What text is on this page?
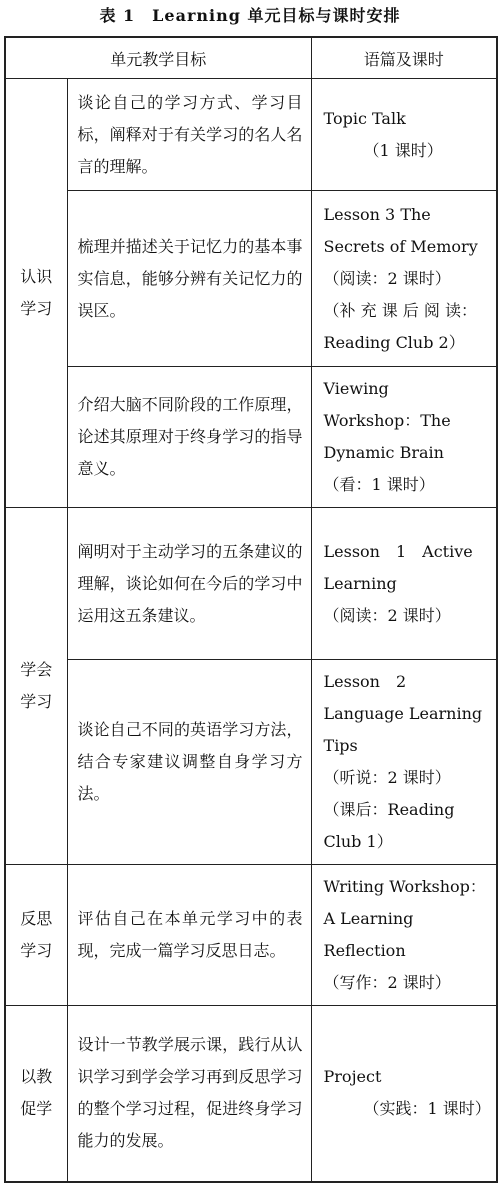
表 1　Learning 单元目标与课时安排
单元教学目标		语篇及课时
认识学习	谈论自己的学习方式、学习目标，阐释对于有关学习的名人名言的理解。	Topic Talk
（1 课时）

	梳理并描述关于记忆力的基本事实信息，能够分辨有关记忆力的误区。	Lesson 3 The Secrets of Memory
（阅读：2 课时）
（补 充 课 后 阅 读：Reading Club 2）

	介绍大脑不同阶段的工作原理，论述其原理对于终身学习的指导意义。	Viewing Workshop：The Dynamic Brain
（看：1 课时）

学会学习	阐明对于主动学习的五条建议的理解，谈论如何在今后的学习中运用这五条建议。	Lesson　1　Active Learning
（阅读：2 课时）

	谈论自己不同的英语学习方法，结合专家建议调整自身学习方法。	Lesson　2　Language Learning Tips
（听说：2 课时）
（课后：Reading Club 1）

反思学习	评估自己在本单元学习中的表现，完成一篇学习反思日志。	Writing Workshop：A Learning Reflection
（写作：2 课时）

以教促学	设计一节教学展示课，践行从认识学习到学会学习再到反思学习的整个学习过程，促进终身学习能力的发展。	Project
（实践：1 课时）
